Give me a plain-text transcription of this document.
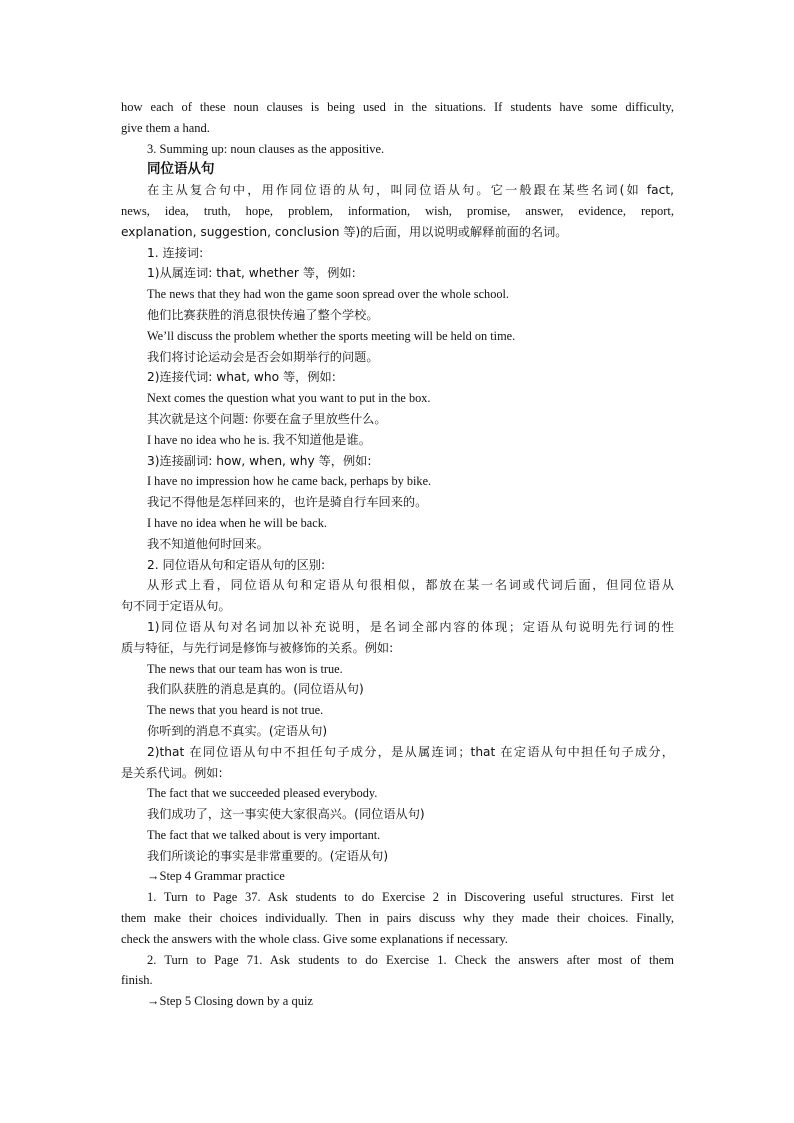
how each of these noun clauses is being used in the situations. If students have some difficulty,

give them a hand.

3. Summing up: noun clauses as the appositive.

同位语从句

在主从复合句中，用作同位语的从句，叫同位语从句。它一般跟在某些名词(如 fact,

news, idea, truth, hope, problem, information, wish, promise, answer, evidence, report,

explanation, suggestion, conclusion 等)的后面，用以说明或解释前面的名词。

1. 连接词:

1)从属连词: that, whether 等，例如:

The news that they had won the game soon spread over the whole school.

他们比赛获胜的消息很快传遍了整个学校。

We’ll discuss the problem whether the sports meeting will be held on time.

我们将讨论运动会是否会如期举行的问题。

2)连接代词: what, who 等，例如:

Next comes the question what you want to put in the box.

其次就是这个问题: 你要在盒子里放些什么。

I have no idea who he is. 我不知道他是谁。

3)连接副词: how, when, why 等，例如:

I have no impression how he came back, perhaps by bike.

我记不得他是怎样回来的，也许是骑自行车回来的。

I have no idea when he will be back.

我不知道他何时回来。

2. 同位语从句和定语从句的区别:

从形式上看，同位语从句和定语从句很相似，都放在某一名词或代词后面，但同位语从

句不同于定语从句。

1)同位语从句对名词加以补充说明，是名词全部内容的体现；定语从句说明先行词的性

质与特征，与先行词是修饰与被修饰的关系。例如:

The news that our team has won is true.

我们队获胜的消息是真的。(同位语从句)

The news that you heard is not true.

你听到的消息不真实。(定语从句)

2)that 在同位语从句中不担任句子成分，是从属连词；that 在定语从句中担任句子成分，

是关系代词。例如:

The fact that we succeeded pleased everybody.

我们成功了，这一事实使大家很高兴。(同位语从句)

The fact that we talked about is very important.

我们所谈论的事实是非常重要的。(定语从句)

→Step 4 Grammar practice

1. Turn to Page 37. Ask students to do Exercise 2 in Discovering useful structures. First let

them make their choices individually. Then in pairs discuss why they made their choices. Finally,

check the answers with the whole class. Give some explanations if necessary.

2. Turn to Page 71. Ask students to do Exercise 1. Check the answers after most of them

finish.

→Step 5 Closing down by a quiz
